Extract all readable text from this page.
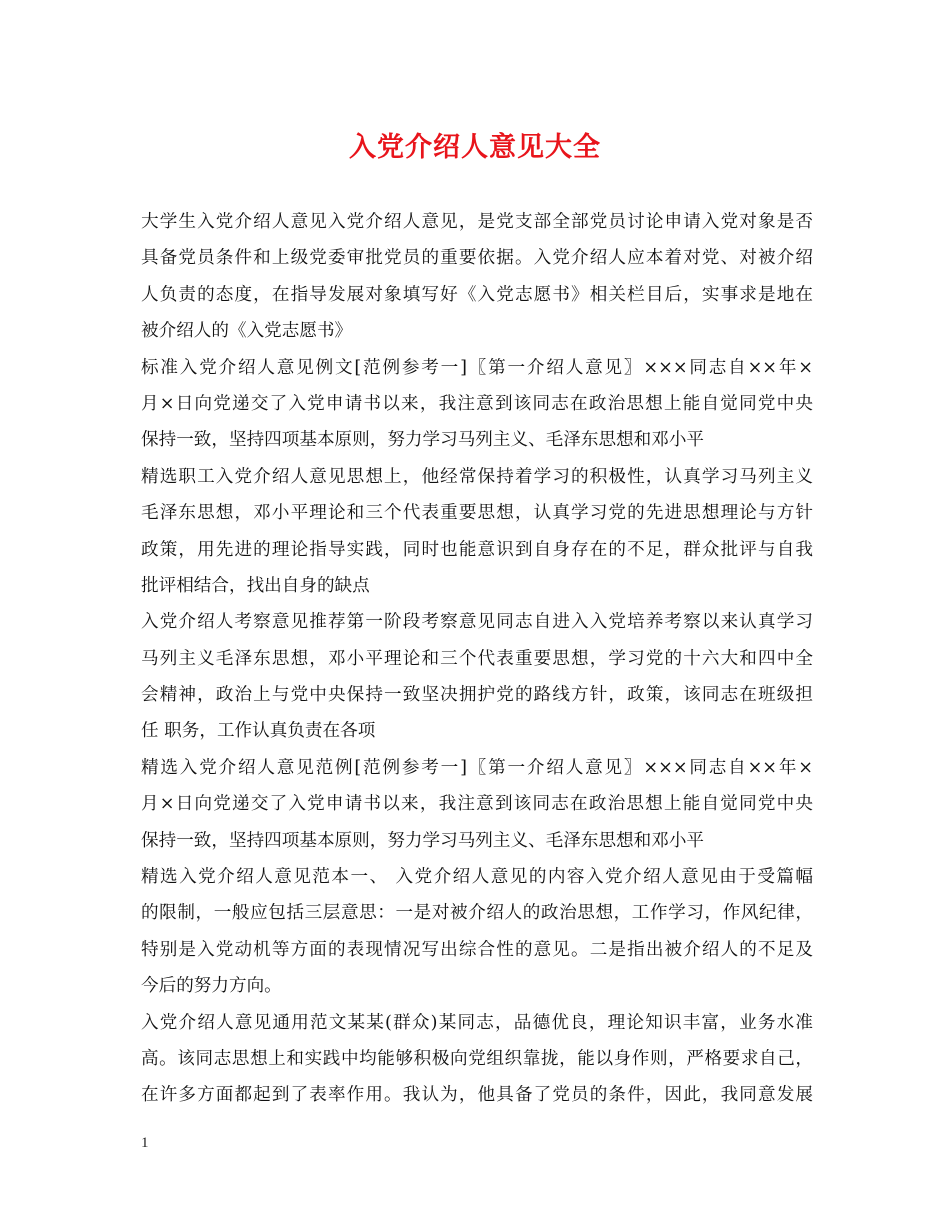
入党介绍人意见大全
大学生入党介绍人意见入党介绍人意见，是党支部全部党员讨论申请入党对象是否
具备党员条件和上级党委审批党员的重要依据。入党介绍人应本着对党、对被介绍
人负责的态度，在指导发展对象填写好《入党志愿书》相关栏目后，实事求是地在
被介绍人的《入党志愿书》
标准入党介绍人意见例文[范例参考一]〖第一介绍人意见〗×××同志自××年×
月×日向党递交了入党申请书以来，我注意到该同志在政治思想上能自觉同党中央
保持一致，坚持四项基本原则，努力学习马列主义、毛泽东思想和邓小平
精选职工入党介绍人意见思想上，他经常保持着学习的积极性，认真学习马列主义
毛泽东思想，邓小平理论和三个代表重要思想，认真学习党的先进思想理论与方针
政策，用先进的理论指导实践，同时也能意识到自身存在的不足，群众批评与自我
批评相结合，找出自身的缺点
入党介绍人考察意见推荐第一阶段考察意见同志自进入入党培养考察以来认真学习
马列主义毛泽东思想，邓小平理论和三个代表重要思想，学习党的十六大和四中全
会精神，政治上与党中央保持一致坚决拥护党的路线方针，政策，该同志在班级担
任 职务，工作认真负责在各项
精选入党介绍人意见范例[范例参考一]〖第一介绍人意见〗×××同志自××年×
月×日向党递交了入党申请书以来，我注意到该同志在政治思想上能自觉同党中央
保持一致，坚持四项基本原则，努力学习马列主义、毛泽东思想和邓小平
精选入党介绍人意见范本一、 入党介绍人意见的内容入党介绍人意见由于受篇幅
的限制，一般应包括三层意思：一是对被介绍人的政治思想，工作学习，作风纪律，
特别是入党动机等方面的表现情况写出综合性的意见。二是指出被介绍人的不足及
今后的努力方向。
入党介绍人意见通用范文某某(群众)某同志，品德优良，理论知识丰富，业务水准
高。该同志思想上和实践中均能够积极向党组织靠拢，能以身作则，严格要求自己，
在许多方面都起到了表率作用。我认为，他具备了党员的条件，因此，我同意发展
1
